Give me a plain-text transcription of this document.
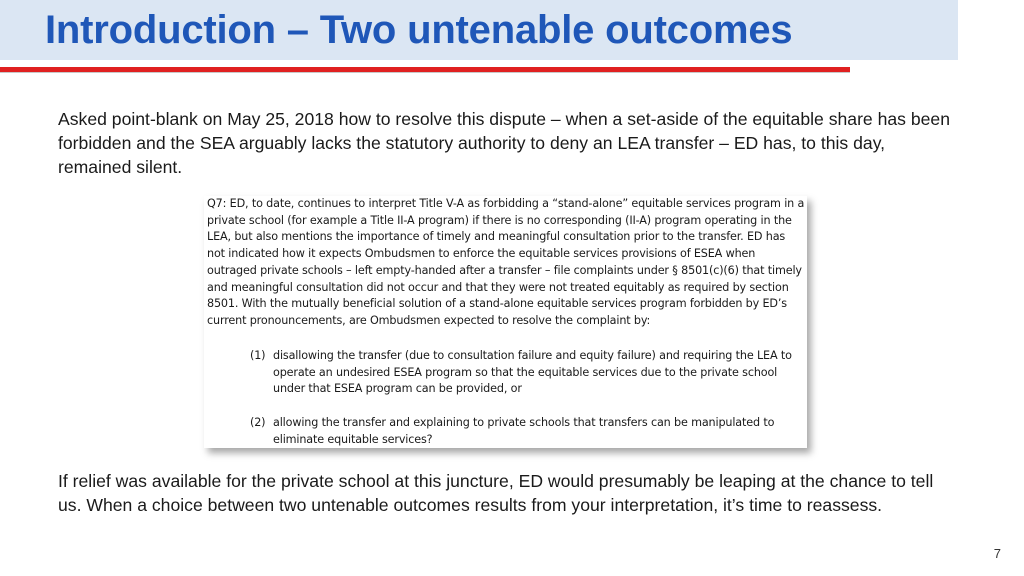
Introduction – Two untenable outcomes

Asked point-blank on May 25, 2018 how to resolve this dispute – when a set-aside of the equitable share has been forbidden and the SEA arguably lacks the statutory authority to deny an LEA transfer – ED has, to this day, remained silent.

Q7: ED, to date, continues to interpret Title V-A as forbidding a “stand-alone” equitable services program in a private school (for example a Title II-A program) if there is no corresponding (II-A) program operating in the LEA, but also mentions the importance of timely and meaningful consultation prior to the transfer. ED has not indicated how it expects Ombudsmen to enforce the equitable services provisions of ESEA when outraged private schools – left empty-handed after a transfer – file complaints under § 8501(c)(6) that timely and meaningful consultation did not occur and that they were not treated equitably as required by section 8501. With the mutually beneficial solution of a stand-alone equitable services program forbidden by ED’s current pronouncements, are Ombudsmen expected to resolve the complaint by:

(1) disallowing the transfer (due to consultation failure and equity failure) and requiring the LEA to operate an undesired ESEA program so that the equitable services due to the private school under that ESEA program can be provided, or
(2) allowing the transfer and explaining to private schools that transfers can be manipulated to eliminate equitable services?

If relief was available for the private school at this juncture, ED would presumably be leaping at the chance to tell us. When a choice between two untenable outcomes results from your interpretation, it’s time to reassess.

7
